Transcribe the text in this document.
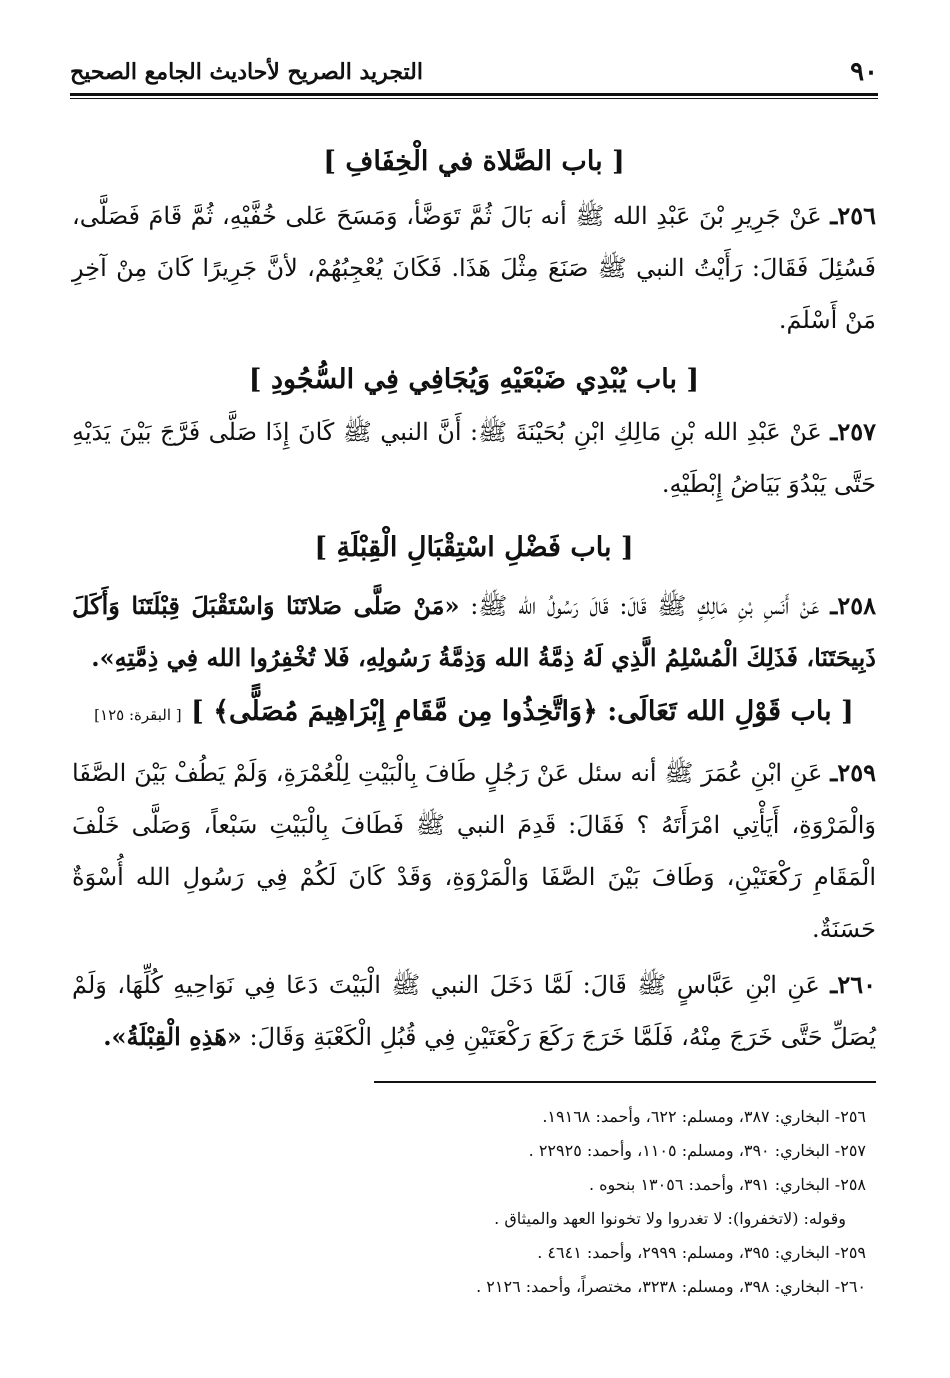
٩٠
التجريد الصريح لأحاديث الجامع الصحيح

[ باب الصَّلاة في الْخِفَافِ ]

٢٥٦ـ عَنْ جَرِيرِ بْنَ عَبْدِ الله ﷺ أنه بَالَ ثُمَّ تَوَضَّأ، وَمَسَحَ عَلى خُفَّيْهِ، ثُمَّ قَامَ فَصَلَّى، فَسُئِلَ فَقَالَ: رَأَيْتُ النبي ﷺ صَنَعَ مِثْلَ هَذَا. فَكَانَ يُعْجِبُهُمْ، لأنَّ جَرِيرًا كَانَ مِنْ آخِرِ مَنْ أَسْلَمَ.

[ باب يُبْدِي ضَبْعَيْهِ وَيُجَافِي فِي السُّجُودِ ]

٢٥٧ـ عَنْ عَبْدِ الله بْنِ مَالِكِ ابْنِ بُحَيْنَةَ ﷺ: أَنَّ النبي ﷺ كَانَ إِذَا صَلَّى فَرَّجَ بَيْنَ يَدَيْهِ حَتَّى يَبْدُوَ بَيَاضُ إِبْطَيْهِ.

[ باب فَضْلِ اسْتِقْبَالِ الْقِبْلَةِ ]

٢٥٨ـ عَنْ أَنَسِ بْنِ مَالِكٍ ﷺ قَالَ: قَالَ رَسُولُ الله ﷺ: «مَنْ صَلَّى صَلاتَنَا وَاسْتَقْبَلَ قِبْلَتَنَا وَأَكَلَ ذَبِيحَتَنَا، فَذَلِكَ الْمُسْلِمُ الَّذِي لَهُ ذِمَّةُ الله وَذِمَّةُ رَسُولِهِ، فَلا تُخْفِرُوا الله فِي ذِمَّتِهِ».

[ باب قَوْلِ الله تَعَالَى: ﴿وَاتَّخِذُوا مِن مَّقَامِ إِبْرَاهِيمَ مُصَلًّى﴾ ] [ البقرة: ١٢٥]

٢٥٩ـ عَنِ ابْنِ عُمَرَ ﷺ أنه سئل عَنْ رَجُلٍ طَافَ بِالْبَيْتِ لِلْعُمْرَةِ، وَلَمْ يَطُفْ بَيْنَ الصَّفَا وَالْمَرْوَةِ، أَيَأْتِي امْرَأَتَهُ ؟ فَقَالَ: قَدِمَ النبي ﷺ فَطَافَ بِالْبَيْتِ سَبْعاً، وَصَلَّى خَلْفَ الْمَقَامِ رَكْعَتَيْنِ، وَطَافَ بَيْنَ الصَّفَا وَالْمَرْوَةِ، وَقَدْ كَانَ لَكُمْ فِي رَسُولِ الله أُسْوَةٌ حَسَنَةٌ.

٢٦٠ـ عَنِ ابْنِ عَبَّاسٍ ﷺ قَالَ: لَمَّا دَخَلَ النبي ﷺ الْبَيْتَ دَعَا فِي نَوَاحِيهِ كُلِّهَا، وَلَمْ يُصَلِّ حَتَّى خَرَجَ مِنْهُ، فَلَمَّا خَرَجَ رَكَعَ رَكْعَتَيْنِ فِي قُبُلِ الْكَعْبَةِ وَقَالَ: «هَذِهِ الْقِبْلَةُ».

٢٥٦- البخاري: ٣٨٧، ومسلم: ٦٢٢، وأحمد: ١٩١٦٨.
٢٥٧- البخاري: ٣٩٠، ومسلم: ١١٠٥، وأحمد: ٢٢٩٢٥ .
٢٥٨- البخاري: ٣٩١، وأحمد: ١٣٠٥٦ بنحوه .
وقوله: (لاتخفروا): لا تغدروا ولا تخونوا العهد والميثاق .
٢٥٩- البخاري: ٣٩٥، ومسلم: ٢٩٩٩، وأحمد: ٤٦٤١ .
٢٦٠- البخاري: ٣٩٨، ومسلم: ٣٢٣٨، مختصراً، وأحمد: ٢١٢٦ .
